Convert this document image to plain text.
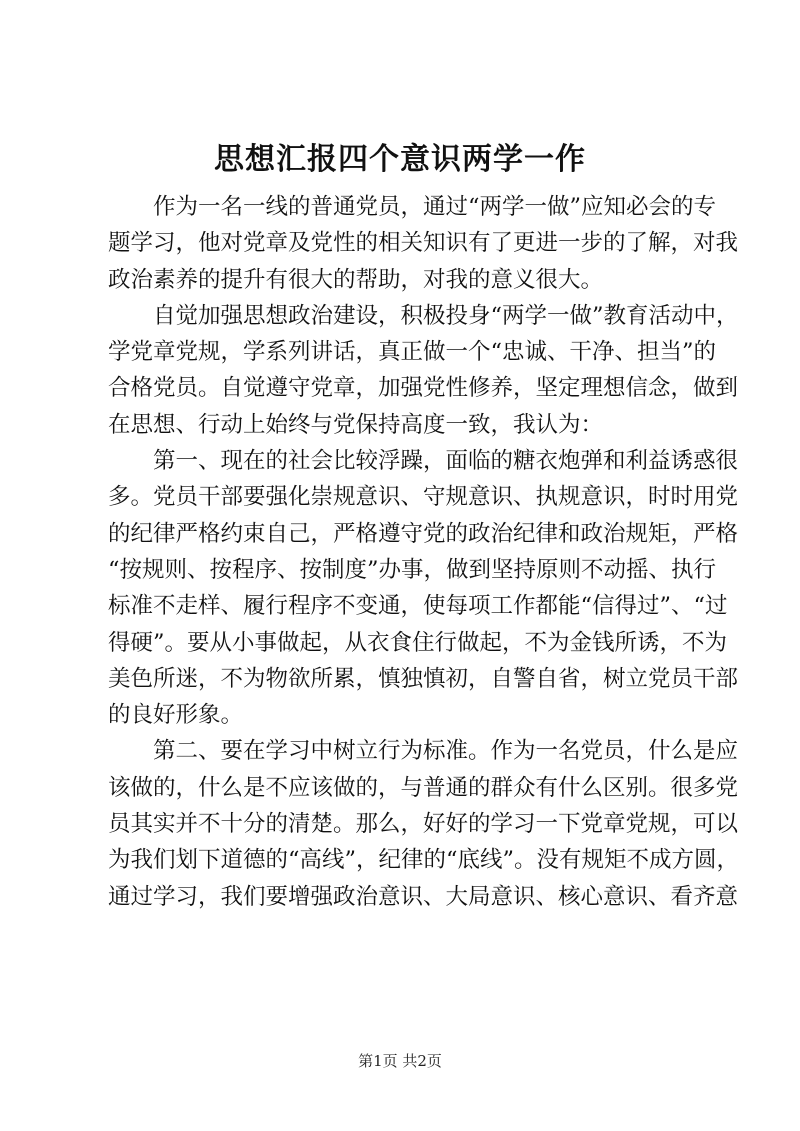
思想汇报四个意识两学一作

作为一名一线的普通党员，通过“两学一做”应知必会的专
题学习，他对党章及党性的相关知识有了更进一步的了解，对我
政治素养的提升有很大的帮助，对我的意义很大。

自觉加强思想政治建设，积极投身“两学一做”教育活动中，
学党章党规，学系列讲话，真正做一个“忠诚、干净、担当”的
合格党员。自觉遵守党章，加强党性修养，坚定理想信念，做到
在思想、行动上始终与党保持高度一致，我认为：

第一、现在的社会比较浮躁，面临的糖衣炮弹和利益诱惑很
多。党员干部要强化崇规意识、守规意识、执规意识，时时用党
的纪律严格约束自己，严格遵守党的政治纪律和政治规矩，严格
“按规则、按程序、按制度”办事，做到坚持原则不动摇、执行
标准不走样、履行程序不变通，使每项工作都能“信得过”、“过
得硬”。要从小事做起，从衣食住行做起，不为金钱所诱，不为
美色所迷，不为物欲所累，慎独慎初，自警自省，树立党员干部
的良好形象。

第二、要在学习中树立行为标准。作为一名党员，什么是应
该做的，什么是不应该做的，与普通的群众有什么区别。很多党
员其实并不十分的清楚。那么，好好的学习一下党章党规，可以
为我们划下道德的“高线”，纪律的“底线”。没有规矩不成方圆，
通过学习，我们要增强政治意识、大局意识、核心意识、看齐意

第1页 共2页
